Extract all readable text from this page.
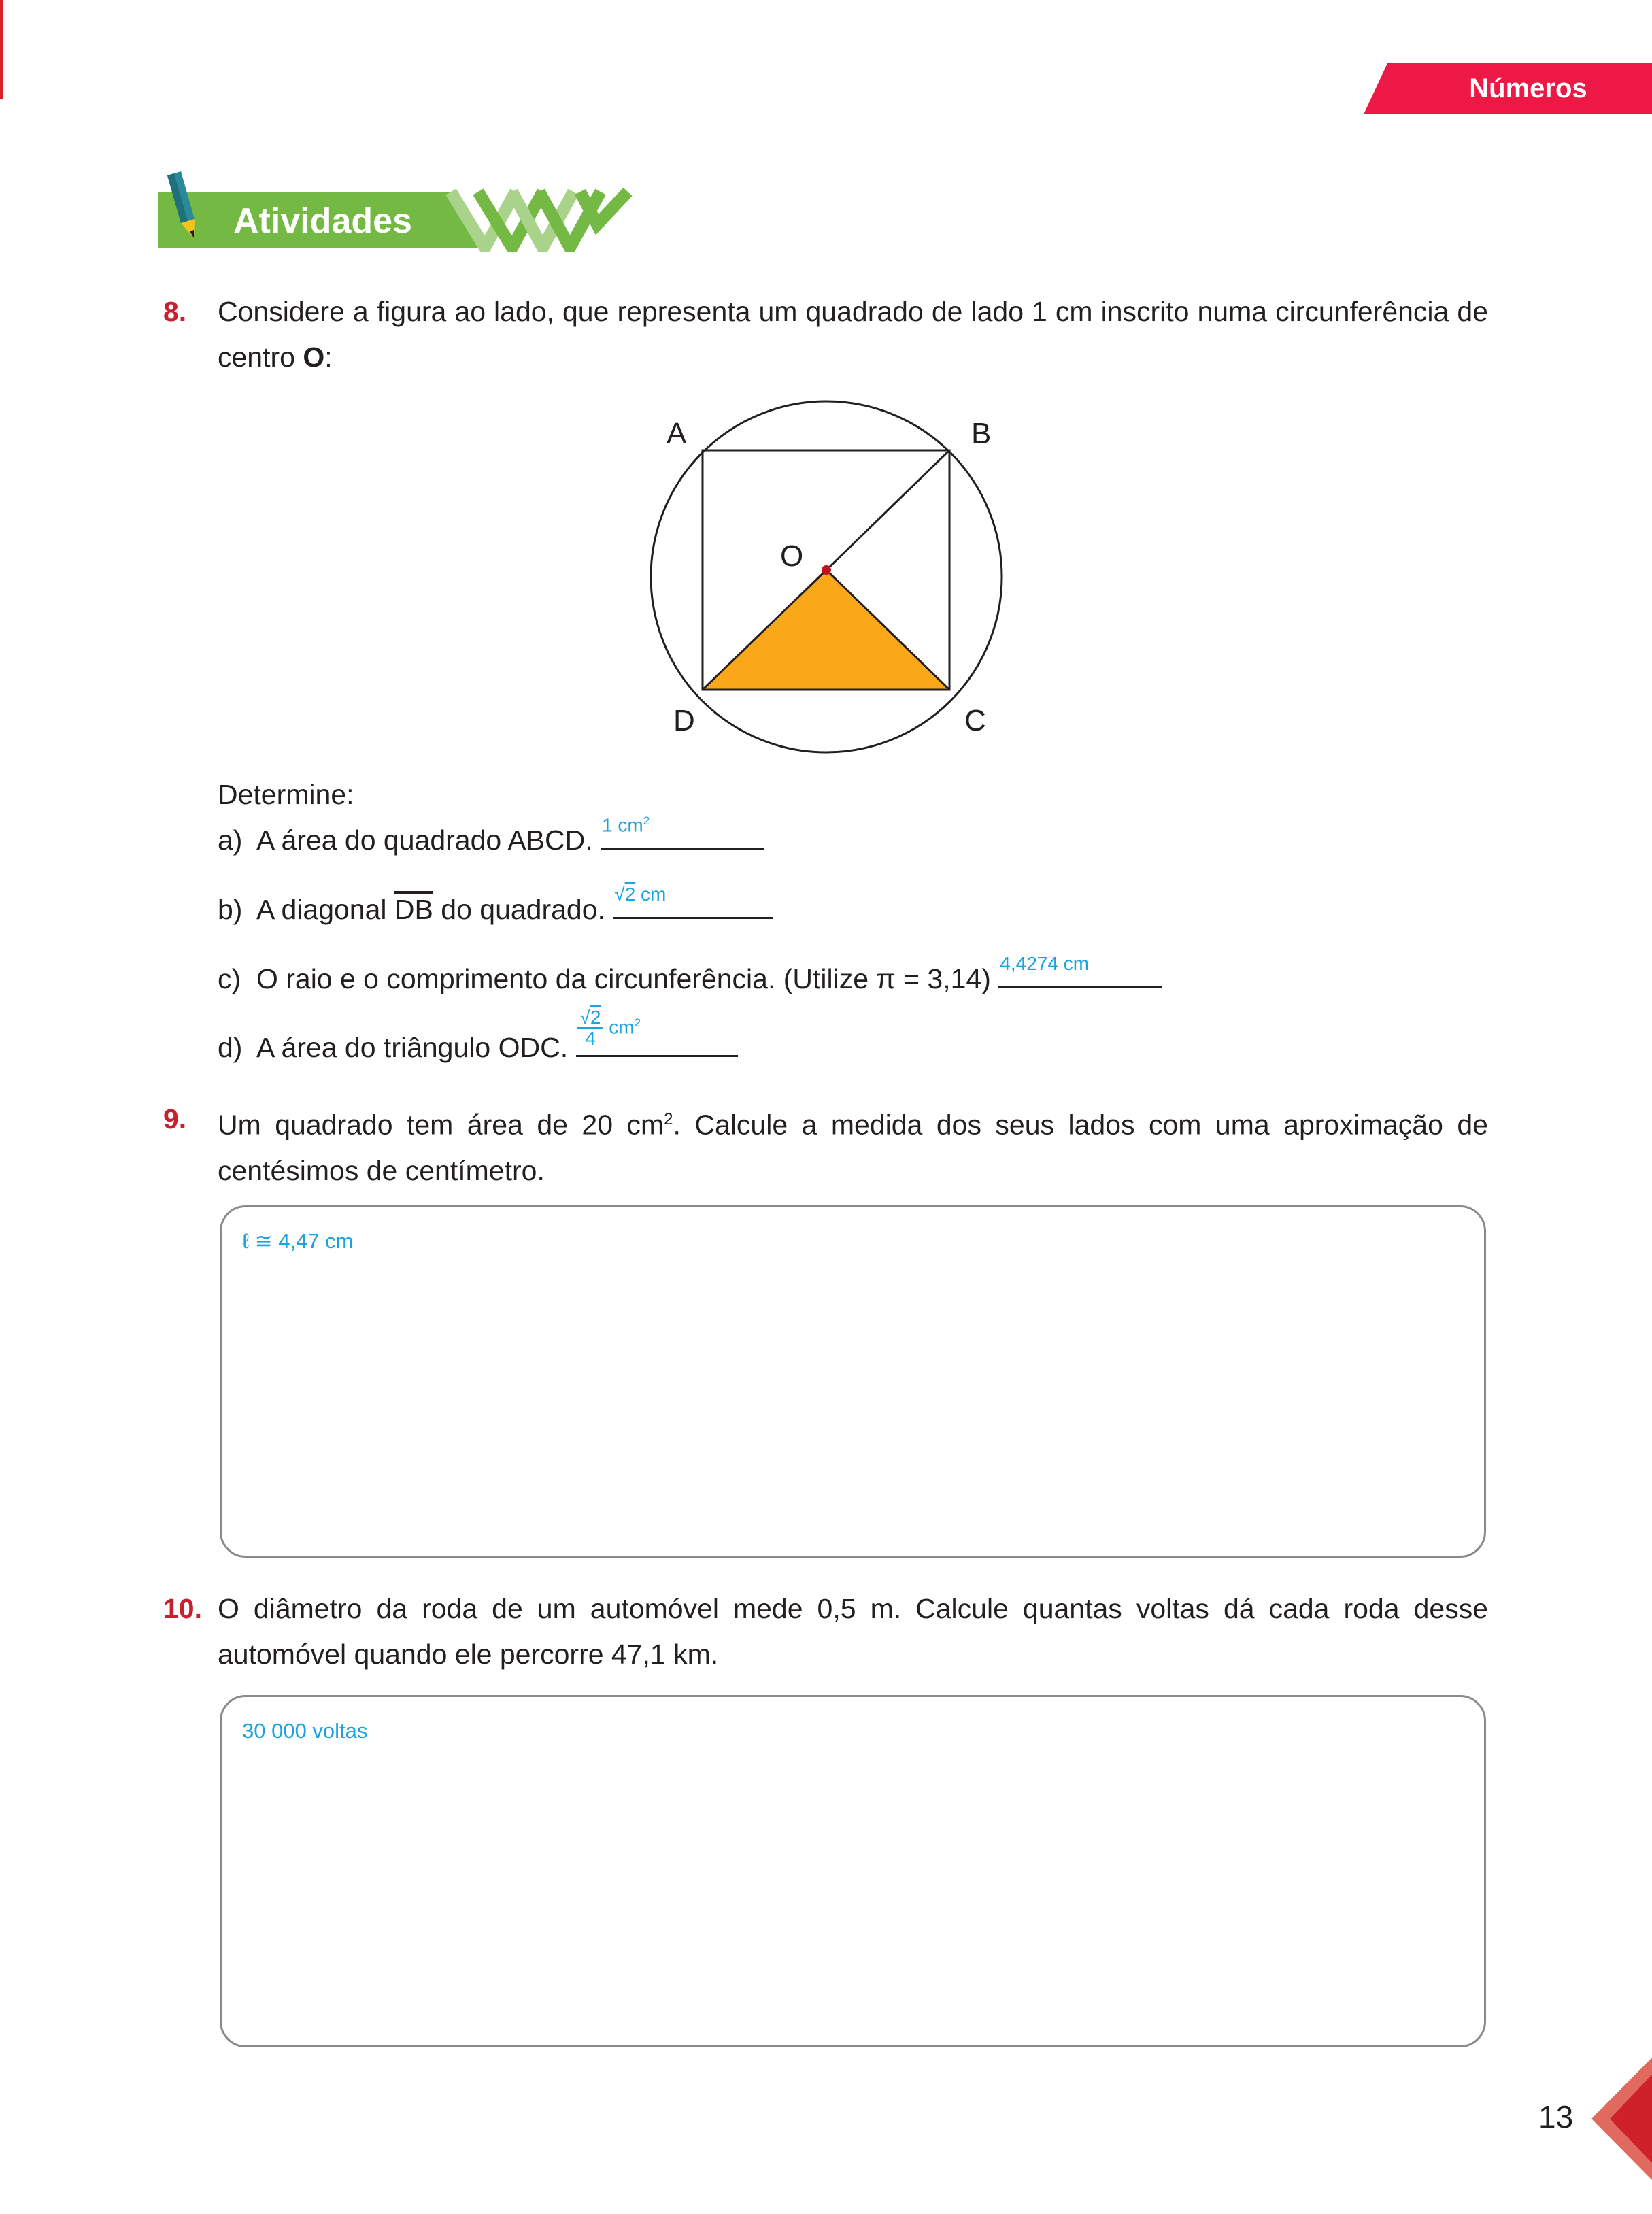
Números
Atividades
8. Considere a figura ao lado, que representa um quadrado de lado 1 cm inscrito numa circunferência de centro O:
A	B
O
D	C
Determine:
a) A área do quadrado ABCD. 1 $cm^2$
b) A diagonal $\overline{DB}$ do quadrado. √2 cm
c) O raio e o comprimento da circunferência. (Utilize π = 3,14) 4,4274 cm
d) A área do triângulo ODC. $\frac{√2}{4} cm^2$
9. Um quadrado tem área de 20 $cm^2$. Calcule a medida dos seus lados com uma aproximação de centésimos de centímetro.
ℓ ≅ 4,47 cm
10. O diâmetro da roda de um automóvel mede 0,5 m. Calcule quantas voltas dá cada roda desse automóvel quando ele percorre 47,1 km.
30 000 voltas
13
